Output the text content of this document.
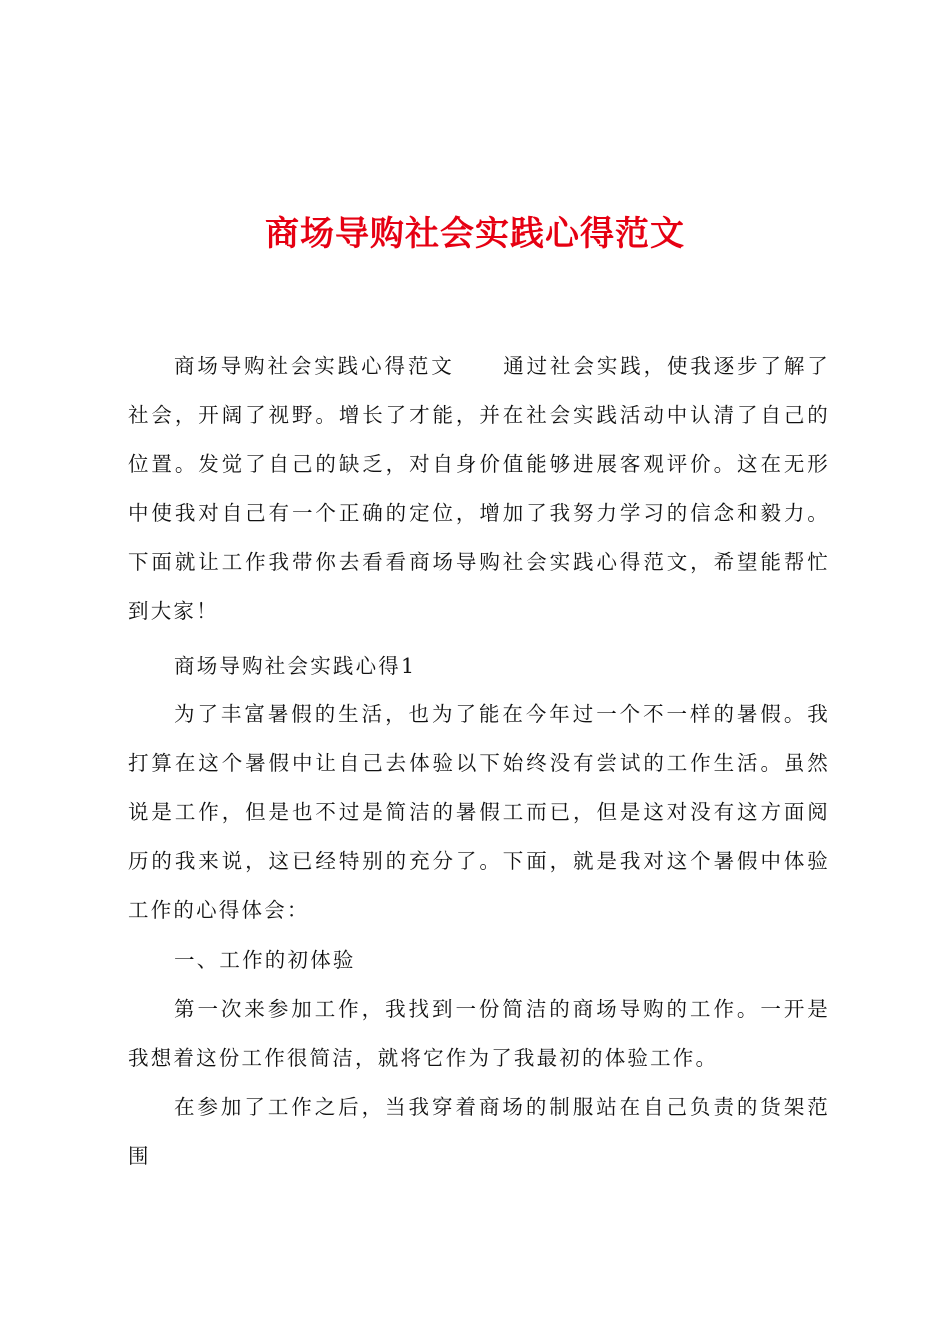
商场导购社会实践心得范文

商场导购社会实践心得范文 通过社会实践，使我逐步了解了社会，开阔了视野。增长了才能，并在社会实践活动中认清了自己的位置。发觉了自己的缺乏，对自身价值能够进展客观评价。这在无形中使我对自己有一个正确的定位，增加了我努力学习的信念和毅力。下面就让工作我带你去看看商场导购社会实践心得范文，希望能帮忙到大家！

商场导购社会实践心得1

为了丰富暑假的生活，也为了能在今年过一个不一样的暑假。我打算在这个暑假中让自己去体验以下始终没有尝试的工作生活。虽然说是工作，但是也不过是简洁的暑假工而已，但是这对没有这方面阅历的我来说，这已经特别的充分了。下面，就是我对这个暑假中体验工作的心得体会：

一、工作的初体验

第一次来参加工作，我找到一份简洁的商场导购的工作。一开是我想着这份工作很简洁，就将它作为了我最初的体验工作。

在参加了工作之后，当我穿着商场的制服站在自己负责的货架范围
